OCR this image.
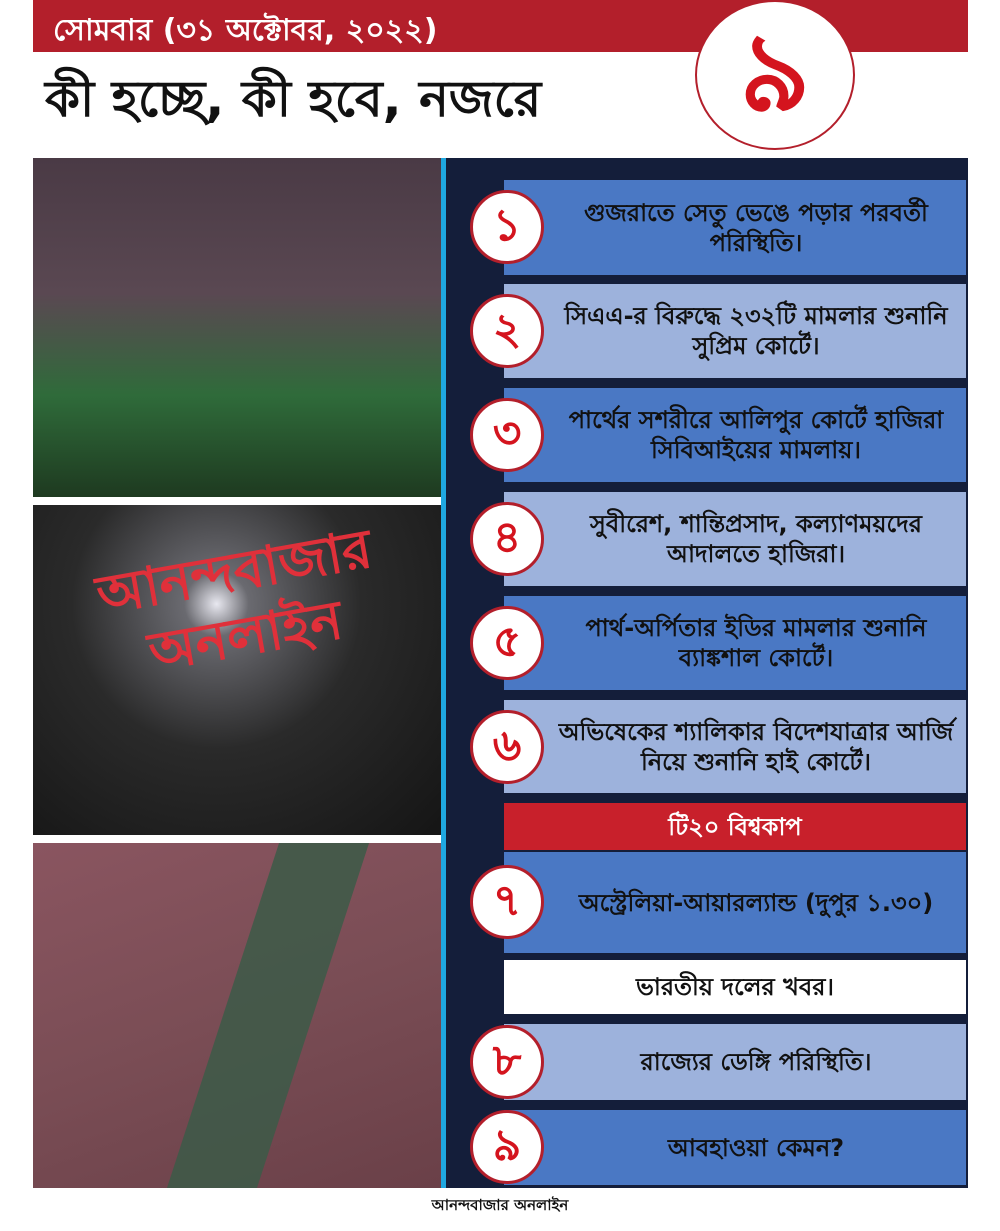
সোমবার (৩১ অক্টোবর, ২০২২)
কী হচ্ছে, কী হবে, নজরে	৯
আনন্দবাজার অনলাইন
গুজরাতে সেতু ভেঙে পড়ার পরবর্তী পরিস্থিতি।
১
সিএএ-র বিরুদ্ধে ২৩২টি মামলার শুনানি সুপ্রিম কোর্টে।
২
পার্থের সশরীরে আলিপুর কোর্টে হাজিরা সিবিআইয়ের মামলায়।
৩
সুবীরেশ, শান্তিপ্রসাদ, কল্যাণময়দের আদালতে হাজিরা।
৪
পার্থ-অর্পিতার ইডির মামলার শুনানি ব্যাঙ্কশাল কোর্টে।
৫
অভিষেকের শ্যালিকার বিদেশযাত্রার আর্জি নিয়ে শুনানি হাই কোর্টে।
৬
টি২০ বিশ্বকাপ
অস্ট্রেলিয়া-আয়ারল্যান্ড (দুপুর ১.৩০)
৭
ভারতীয় দলের খবর।
রাজ্যের ডেঙ্গি পরিস্থিতি।
৮
আবহাওয়া কেমন?
৯
আনন্দবাজার অনলাইন
